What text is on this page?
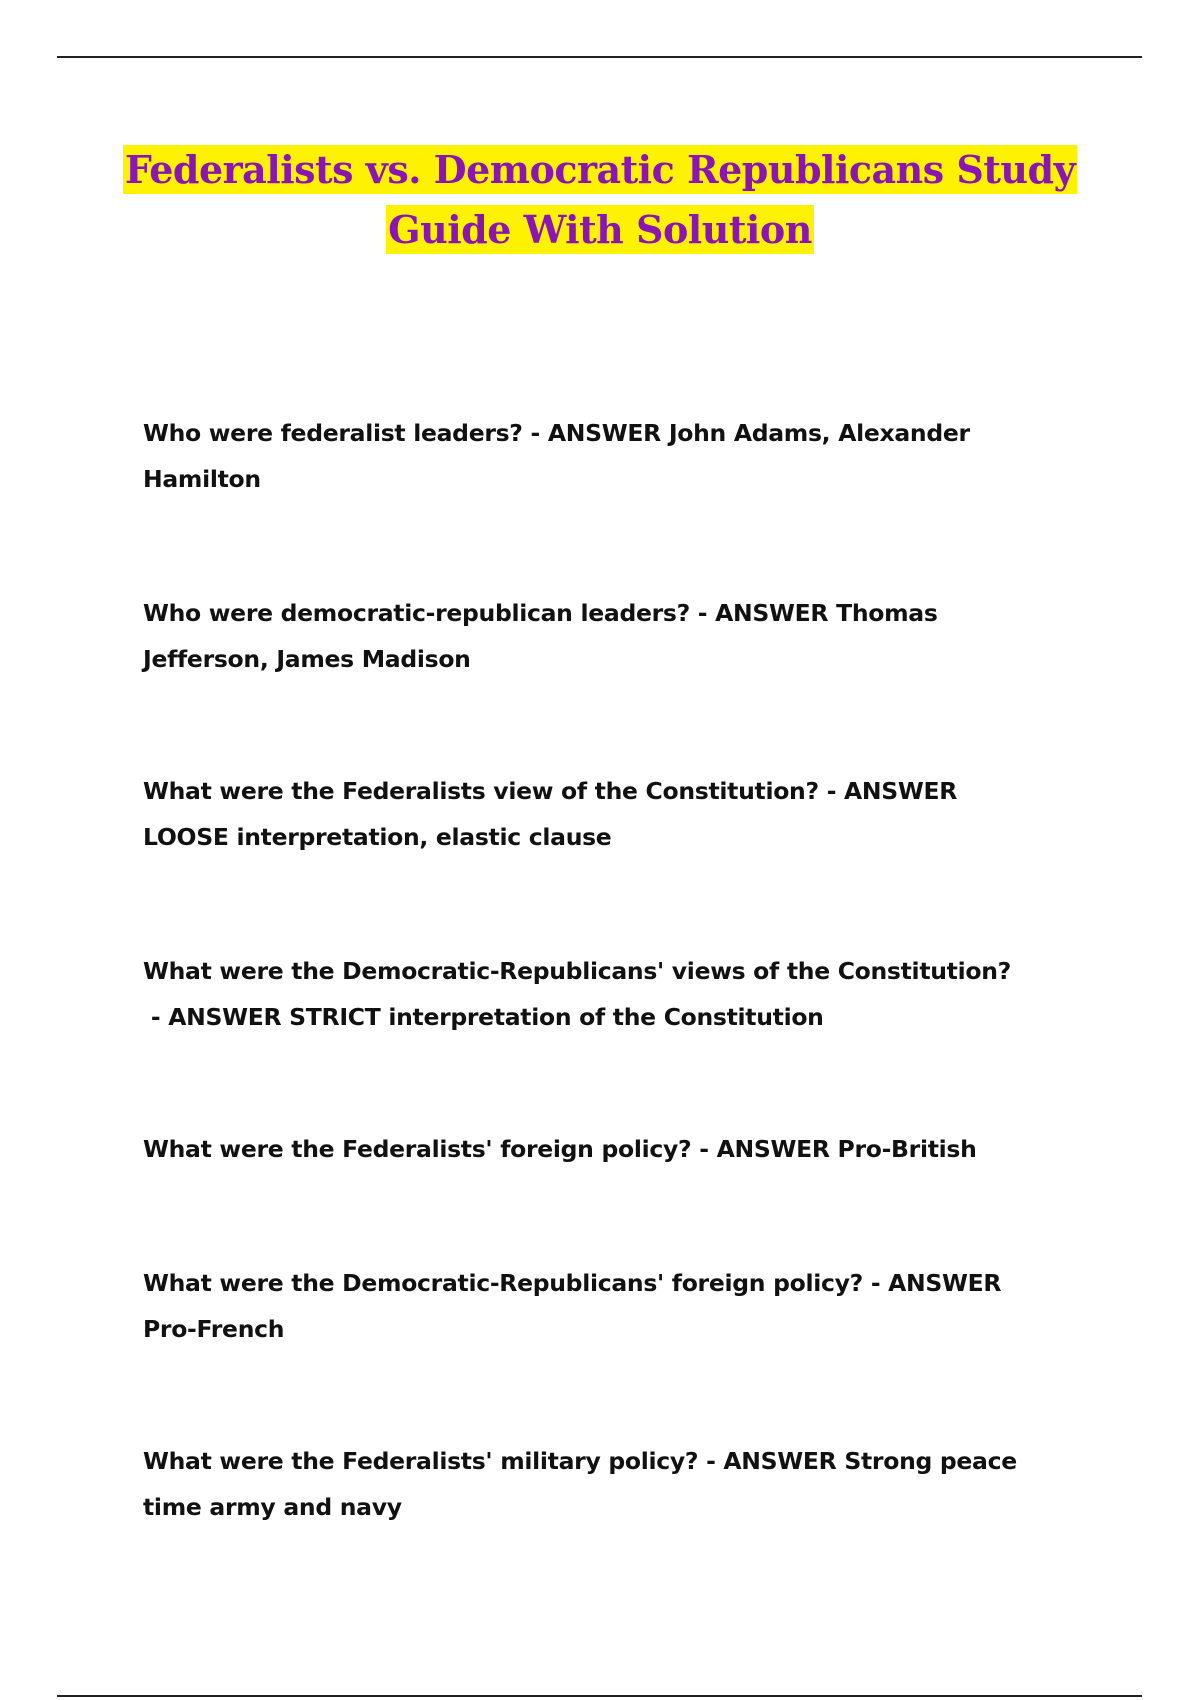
Federalists vs. Democratic Republicans Study
Guide With Solution
Who were federalist leaders? - ANSWER John Adams, Alexander Hamilton
Who were democratic-republican leaders? - ANSWER Thomas Jefferson, James Madison
What were the Federalists view of the Constitution? - ANSWER LOOSE interpretation, elastic clause
What were the Democratic-Republicans' views of the Constitution? - ANSWER STRICT interpretation of the Constitution
What were the Federalists' foreign policy? - ANSWER Pro-British
What were the Democratic-Republicans' foreign policy? - ANSWER Pro-French
What were the Federalists' military policy? - ANSWER Strong peace time army and navy
